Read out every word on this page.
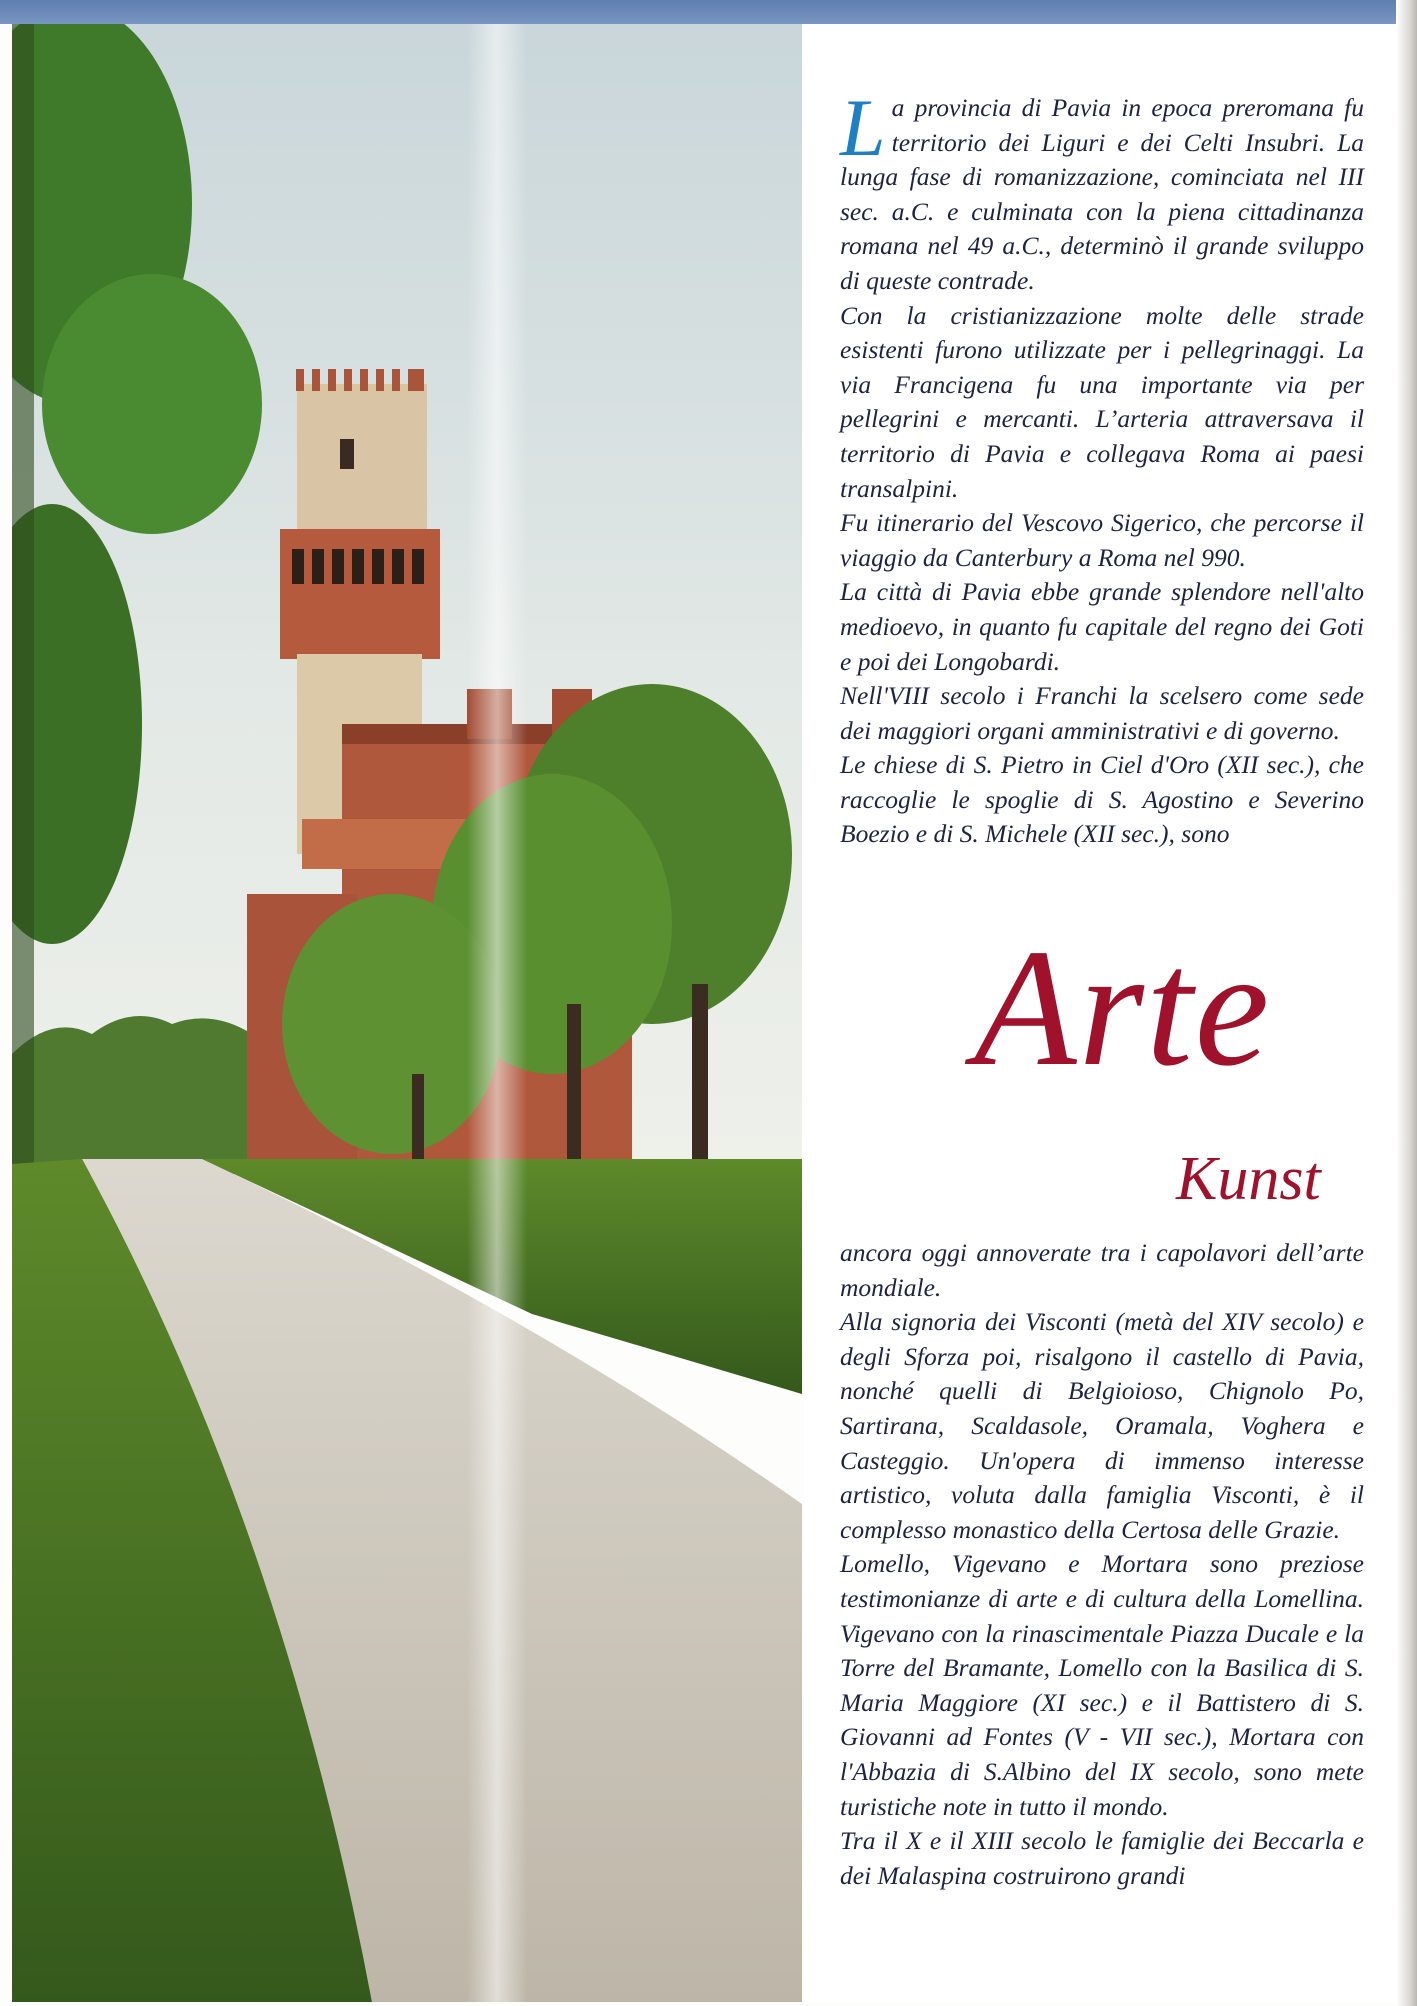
La provincia di Pavia in epoca preromana fu territorio dei Liguri e dei Celti Insubri. La lunga fase di romanizzazione, cominciata nel III sec. a.C. e culminata con la piena cittadinanza romana nel 49 a.C., determinò il grande sviluppo di queste contrade.

Con la cristianizzazione molte delle strade esistenti furono utilizzate per i pellegrinaggi. La via Francigena fu una importante via per pellegrini e mercanti. L’arteria attraversava il territorio di Pavia e collegava Roma ai paesi transalpini.

Fu itinerario del Vescovo Sigerico, che percorse il viaggio da Canterbury a Roma nel 990.

La città di Pavia ebbe grande splendore nell'alto medioevo, in quanto fu capitale del regno dei Goti e poi dei Longobardi.

Nell'VIII secolo i Franchi la scelsero come sede dei maggiori organi amministrativi e di governo.

Le chiese di S. Pietro in Ciel d'Oro (XII sec.), che raccoglie le spoglie di S. Agostino e Severino Boezio e di S. Michele (XII sec.), sono

Arte
Kunst

ancora oggi annoverate tra i capolavori dell’arte mondiale.

Alla signoria dei Visconti (metà del XIV secolo) e degli Sforza poi, risalgono il castello di Pavia, nonché quelli di Belgioioso, Chignolo Po, Sartirana, Scaldasole, Oramala, Voghera e Casteggio. Un'opera di immenso interesse artistico, voluta dalla famiglia Visconti, è il complesso monastico della Certosa delle Grazie.

Lomello, Vigevano e Mortara sono preziose testimonianze di arte e di cultura della Lomellina. Vigevano con la rinascimentale Piazza Ducale e la Torre del Bramante, Lomello con la Basilica di S. Maria Maggiore (XI sec.) e il Battistero di S. Giovanni ad Fontes (V - VII sec.), Mortara con l'Abbazia di S.Albino del IX secolo, sono mete turistiche note in tutto il mondo.

Tra il X e il XIII secolo le famiglie dei Beccarla e dei Malaspina costruirono grandi
